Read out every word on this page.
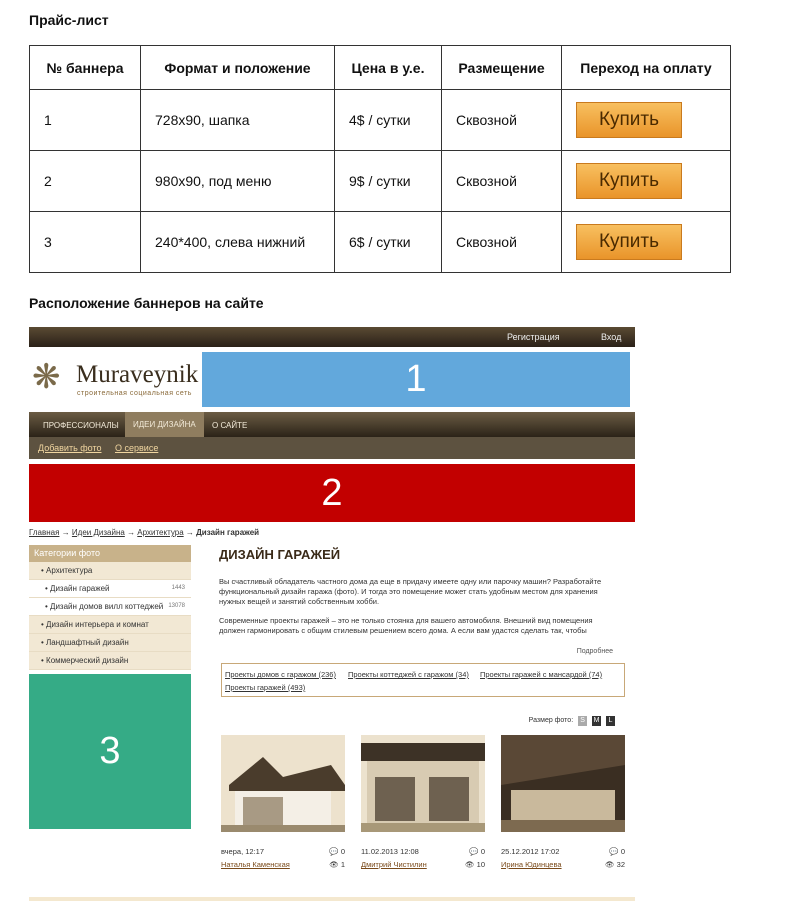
Прайс-лист
№ баннера	Формат и положение	Цена в у.е.	Размещение	Переход на оплату
1	728x90, шапка	4$ / сутки	Сквозной	Купить
2	980x90, под меню	9$ / сутки	Сквозной	Купить
3	240*400, слева нижний	6$ / сутки	Сквозной	Купить
Расположение баннеров на сайте
Регистрация	Вход
❋ Muraveynik
строительная социальная сеть	1
ПРОФЕССИОНАЛЫ	ИДЕИ ДИЗАЙНА	О САЙТЕ
Добавить фото О сервисе
2
Главная → Идеи Дизайна → Архитектура → Дизайн гаражей
Категории фото
• Архитектура
• Дизайн гаражей	1443
• Дизайн домов вилл коттеджей 13078
• Дизайн интерьера и комнат
• Ландшафтный дизайн
• Коммерческий дизайн
3
ДИЗАЙН ГАРАЖЕЙ
Вы счастливый обладатель частного дома да еще в придачу имеете одну или парочку машин? Разработайте функциональный дизайн гаража (фото). И тогда это помещение может стать удобным местом для хранения нужных вещей и занятий собственным хобби.
Современные проекты гаражей – это не только стоянка для вашего автомобиля. Внешний вид помещения должен гармонировать с общим стилевым решением всего дома. А если вам удастся сделать так, чтобы
Подробнее
Проекты домов с гаражом (236) Проекты коттеджей с гаражом (34) Проекты гаражей с мансардой (74)
Проекты гаражей (493)
Размер фото: S M L
вчера, 12:17	💬 0
Наталья Каменская	👁 1
11.02.2013 12:08	💬 0
Дмитрий Чистилин	👁 10
25.12.2012 17:02	💬 0
Ирина Юдинцева	👁 32
